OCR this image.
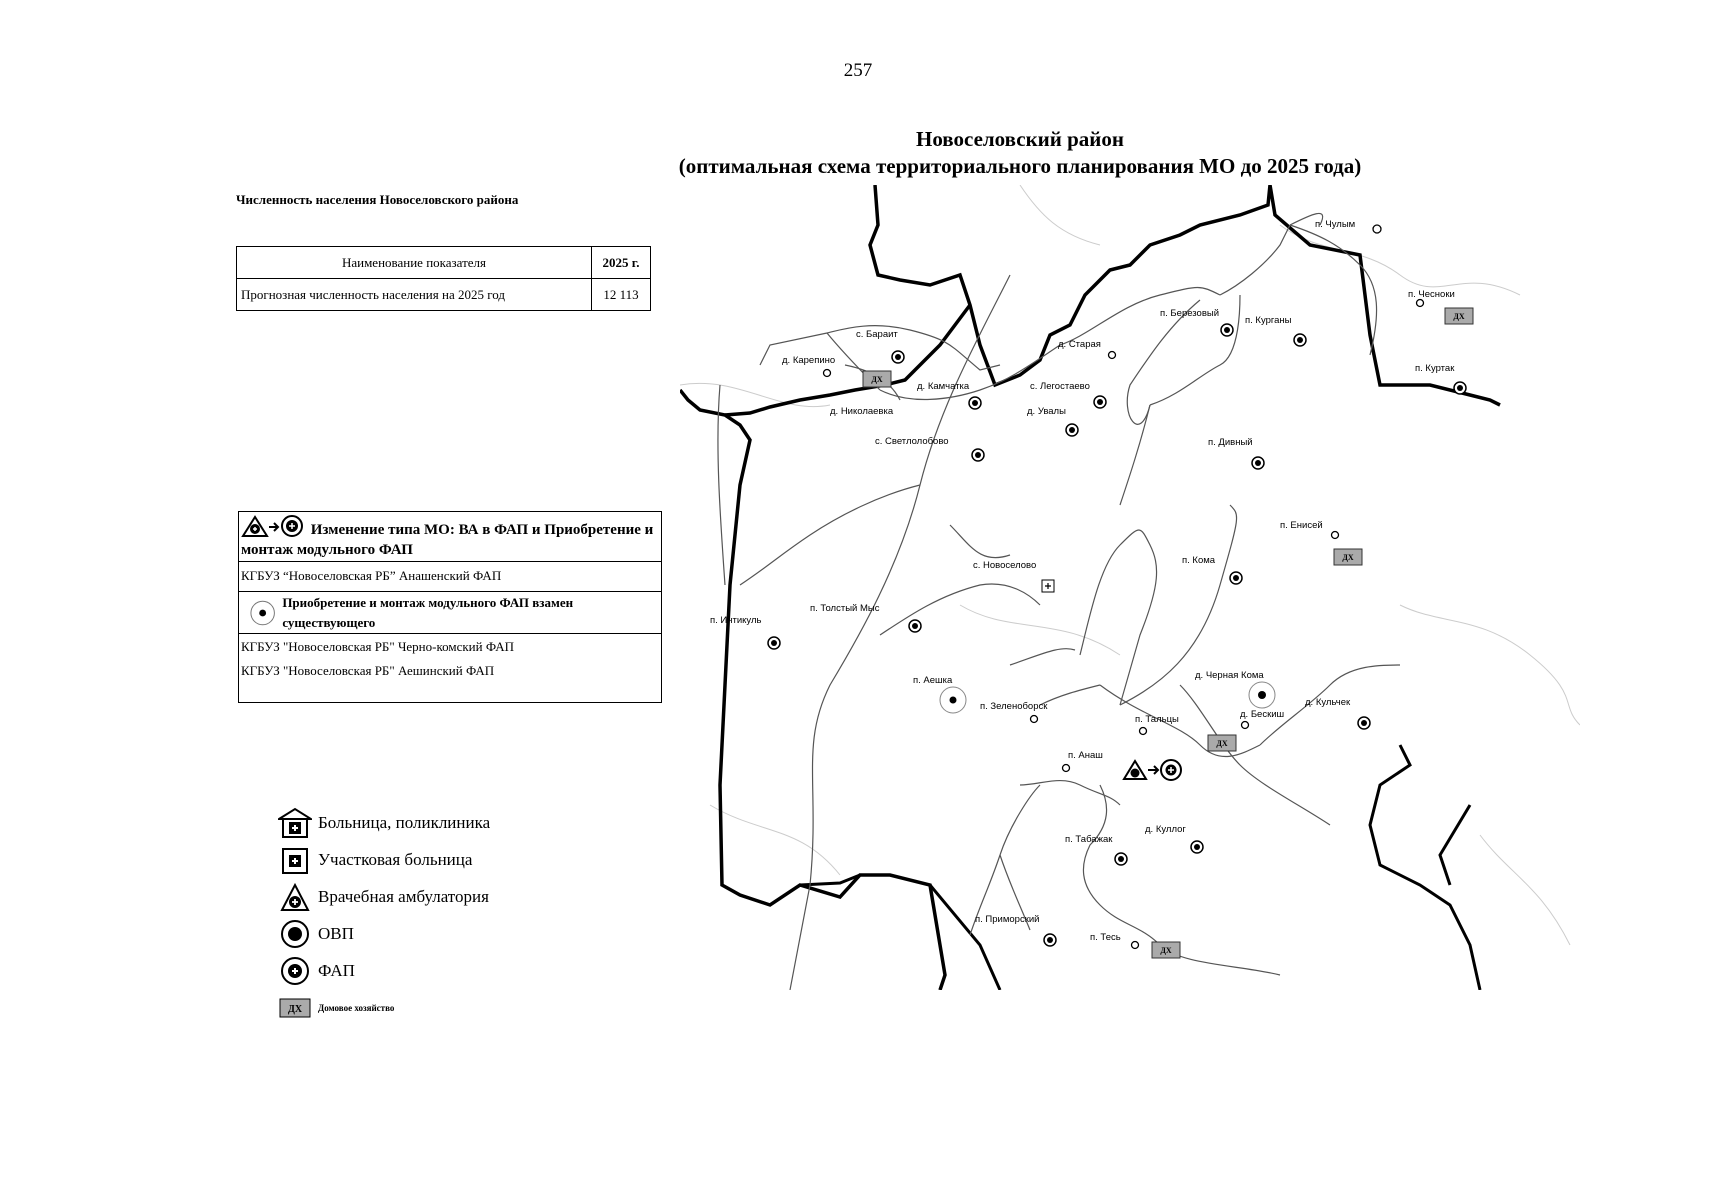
257
Новоселовский район
(оптимальная схема территориального планирования МО до 2025 года)
Численность населения Новоселовского района
Наименование показателя	2025 г.
Прогнозная численность населения на 2025 год	12 113
Изменение типа МО: ВА в ФАП и Приобретение и монтаж модульного ФАП
КГБУЗ “Новоселовская РБ” Анашенский ФАП
Приобретение и монтаж модульного ФАП взамен существующего
КГБУЗ "Новоселовская РБ" Черно-комский ФАП
КГБУЗ "Новоселовская РБ" Аешинский ФАП
Больница, поликлиника
Участковая больница
Врачебная амбулатория
ОВП
ФАП
ДХ Домовое хозяйство
п. Чулым
п. Чесноки
п. Березовый
п. Курганы
п. Куртак
с. Бараит
д. Карепино
д. Старая
д. Камчатка	с. Легостаево
д. Николаевка	д. Увалы
с. Светлолобово	п. Дивный
п. Енисей
с. Новоселово	п. Кома
п. Интикуль
п. Толстый Мыс
п. Аешка
п. Зеленоборск
д. Черная Кома
п. Тальцы	д. Бескиш
д. Кульчек
п. Анаш
п. Табажак
д. Куллог
п. Приморский
п. Тесь
ДХ
ДХ
ДХ
ДХ
ДХ
